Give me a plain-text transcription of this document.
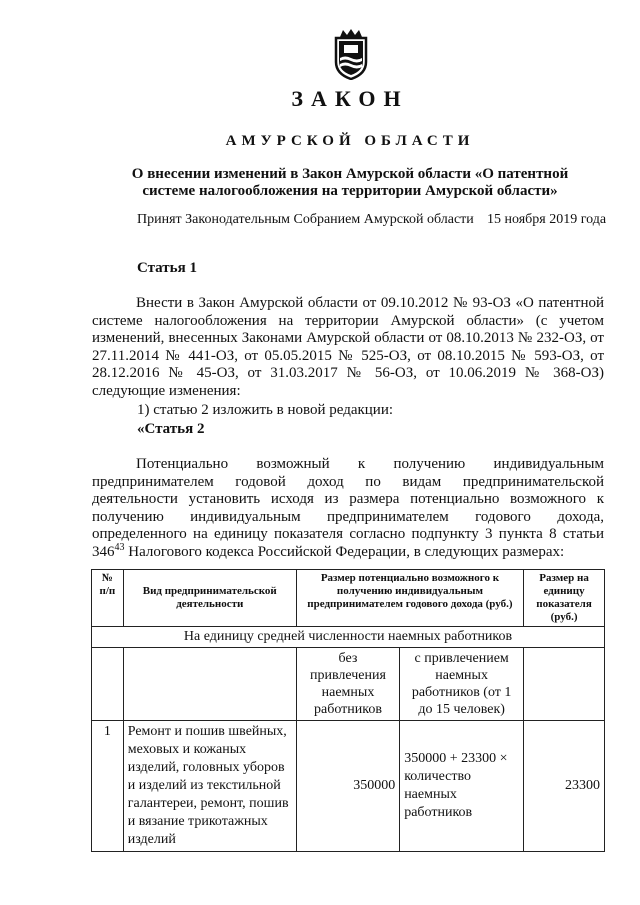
ЗАКОН
АМУРСКОЙ ОБЛАСТИ
О внесении изменений в Закон Амурской области «О патентной системе налогообложения на территории Амурской области»
Принят Законодательным Собранием Амурской области 15 ноября 2019 года
Статья 1
Внести в Закон Амурской области от 09.10.2012 № 93-ОЗ «О патентной системе налогообложения на территории Амурской области» (с учетом изменений, внесенных Законами Амурской области от 08.10.2013 № 232-ОЗ, от 27.11.2014 № 441-ОЗ, от 05.05.2015 № 525-ОЗ, от 08.10.2015 № 593-ОЗ, от 28.12.2016 № 45-ОЗ, от 31.03.2017 № 56-ОЗ, от 10.06.2019 № 368-ОЗ) следующие изменения:
1) статью 2 изложить в новой редакции:
«Статья 2
Потенциально возможный к получению индивидуальным предпринимателем годовой доход по видам предпринимательской деятельности установить исходя из размера потенциально возможного к получению индивидуальным предпринимателем годового дохода, определенного на единицу показателя согласно подпункту 3 пункта 8 статьи $346^{43}$ Налогового кодекса Российской Федерации, в следующих размерах:
№ п/п	Вид предпринимательской деятельности	Размер потенциально возможного к получению индивидуальным предпринимателем годового дохода (руб.)		Размер на единицу показателя (руб.)
На единицу средней численности наемных работников				
		без привлечения наемных работников	с привлечением наемных работников (от 1 до 15 человек)	
1	Ремонт и пошив швейных, меховых и кожаных изделий, головных уборов и изделий из текстильной галантереи, ремонт, пошив и вязание трикотажных изделий	350000	350000 + 23300 × количество наемных работников	23300
